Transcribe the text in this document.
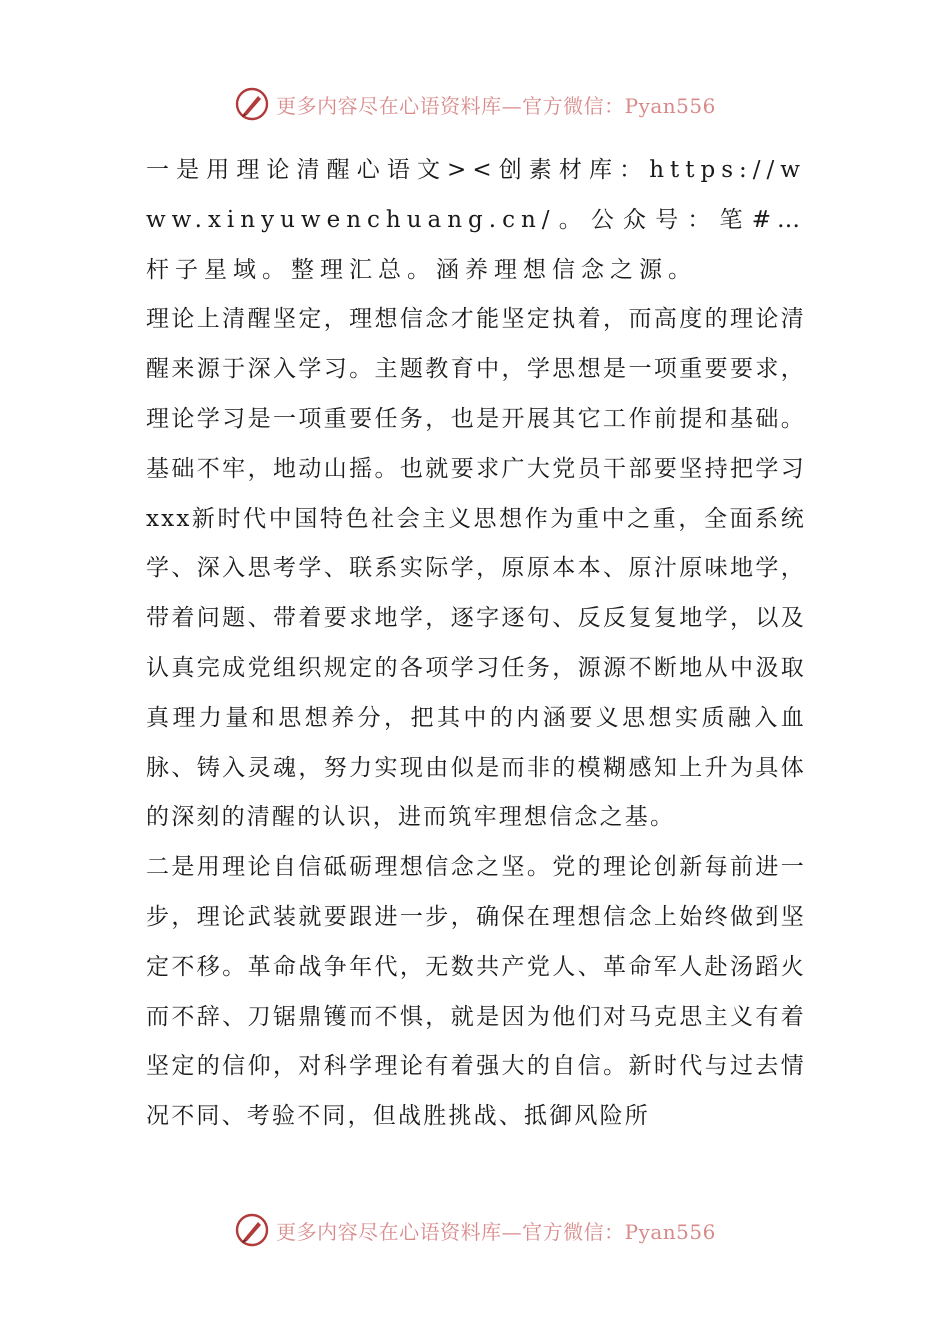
更多内容尽在心语资料库—官方微信：Pyan556

一是用理论清醒心语文><创素材库：https://www.xinyuwenchuang.cn/。公众号：笔#…杆子星域。整理汇总。涵养理想信念之源。

理论上清醒坚定，理想信念才能坚定执着，而高度的理论清醒来源于深入学习。主题教育中，学思想是一项重要要求，理论学习是一项重要任务，也是开展其它工作前提和基础。基础不牢，地动山摇。也就要求广大党员干部要坚持把学习xxx新时代中国特色社会主义思想作为重中之重，全面系统学、深入思考学、联系实际学，原原本本、原汁原味地学，带着问题、带着要求地学，逐字逐句、反反复复地学，以及认真完成党组织规定的各项学习任务，源源不断地从中汲取真理力量和思想养分，把其中的内涵要义思想实质融入血脉、铸入灵魂，努力实现由似是而非的模糊感知上升为具体的深刻的清醒的认识，进而筑牢理想信念之基。

二是用理论自信砥砺理想信念之坚。党的理论创新每前进一步，理论武装就要跟进一步，确保在理想信念上始终做到坚定不移。革命战争年代，无数共产党人、革命军人赴汤蹈火而不辞、刀锯鼎镬而不惧，就是因为他们对马克思主义有着坚定的信仰，对科学理论有着强大的自信。新时代与过去情况不同、考验不同，但战胜挑战、抵御风险所

更多内容尽在心语资料库—官方微信：Pyan556
